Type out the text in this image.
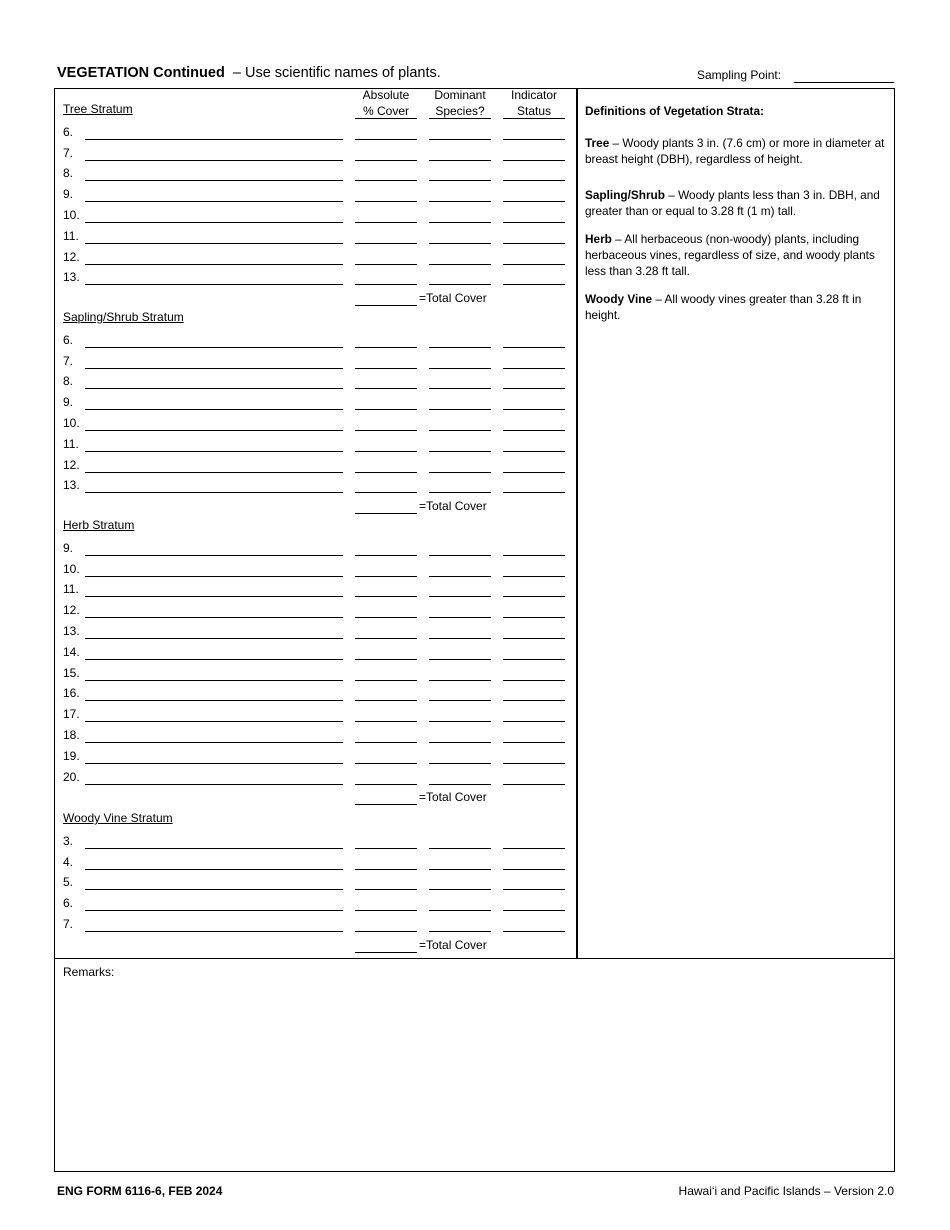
VEGETATION Continued – Use scientific names of plants.	Sampling Point:
Absolute
% Cover
Dominant
Species?
Indicator
Status
Tree Stratum
6.
7.
8.
9.
10.
11.
12.
13.
=Total Cover
Sapling/Shrub Stratum
6.
7.
8.
9.
10.
11.
12.
13.
=Total Cover
Herb Stratum
9.
10.
11.
12.
13.
14.
15.
16.
17.
18.
19.
20.
=Total Cover
Woody Vine Stratum
3.
4.
5.
6.
7.
=Total Cover
Definitions of Vegetation Strata:
Tree – Woody plants 3 in. (7.6 cm) or more in diameter at breast height (DBH), regardless of height.
Sapling/Shrub – Woody plants less than 3 in. DBH, and greater than or equal to 3.28 ft (1 m) tall.
Herb – All herbaceous (non-woody) plants, including herbaceous vines, regardless of size, and woody plants less than 3.28 ft tall.
Woody Vine – All woody vines greater than 3.28 ft in height.
Remarks:
ENG FORM 6116-6, FEB 2024	Hawai‘i and Pacific Islands – Version 2.0
